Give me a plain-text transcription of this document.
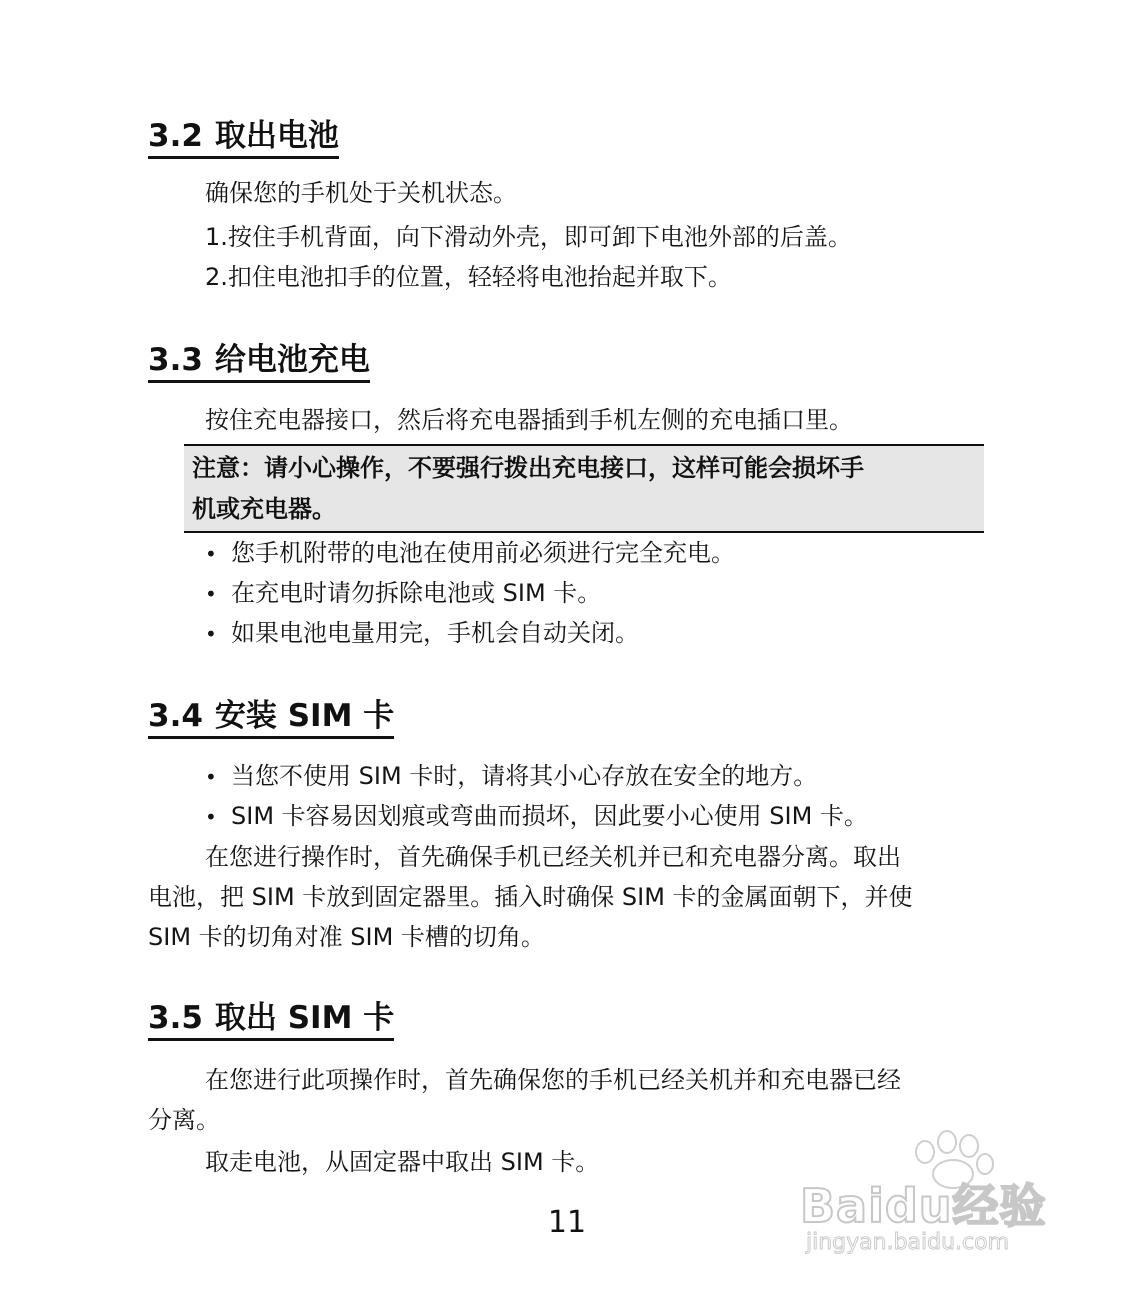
3.2 取出电池
确保您的手机处于关机状态。
1.按住手机背面，向下滑动外壳，即可卸下电池外部的后盖。
2.扣住电池扣手的位置，轻轻将电池抬起并取下。
3.3 给电池充电
按住充电器接口，然后将充电器插到手机左侧的充电插口里。
注意：请小心操作，不要强行拨出充电接口，这样可能会损坏手
机或充电器。
• 您手机附带的电池在使用前必须进行完全充电。
• 在充电时请勿拆除电池或 SIM 卡。
• 如果电池电量用完，手机会自动关闭。
3.4 安装 SIM 卡
• 当您不使用 SIM 卡时，请将其小心存放在安全的地方。
• SIM 卡容易因划痕或弯曲而损坏，因此要小心使用 SIM 卡。
在您进行操作时，首先确保手机已经关机并已和充电器分离。取出
电池，把 SIM 卡放到固定器里。插入时确保 SIM 卡的金属面朝下，并使
SIM 卡的切角对准 SIM 卡槽的切角。
3.5 取出 SIM 卡
在您进行此项操作时，首先确保您的手机已经关机并和充电器已经
分离。
取走电池，从固定器中取出 SIM 卡。
11	Baidu经验
jingyan.baidu.com
